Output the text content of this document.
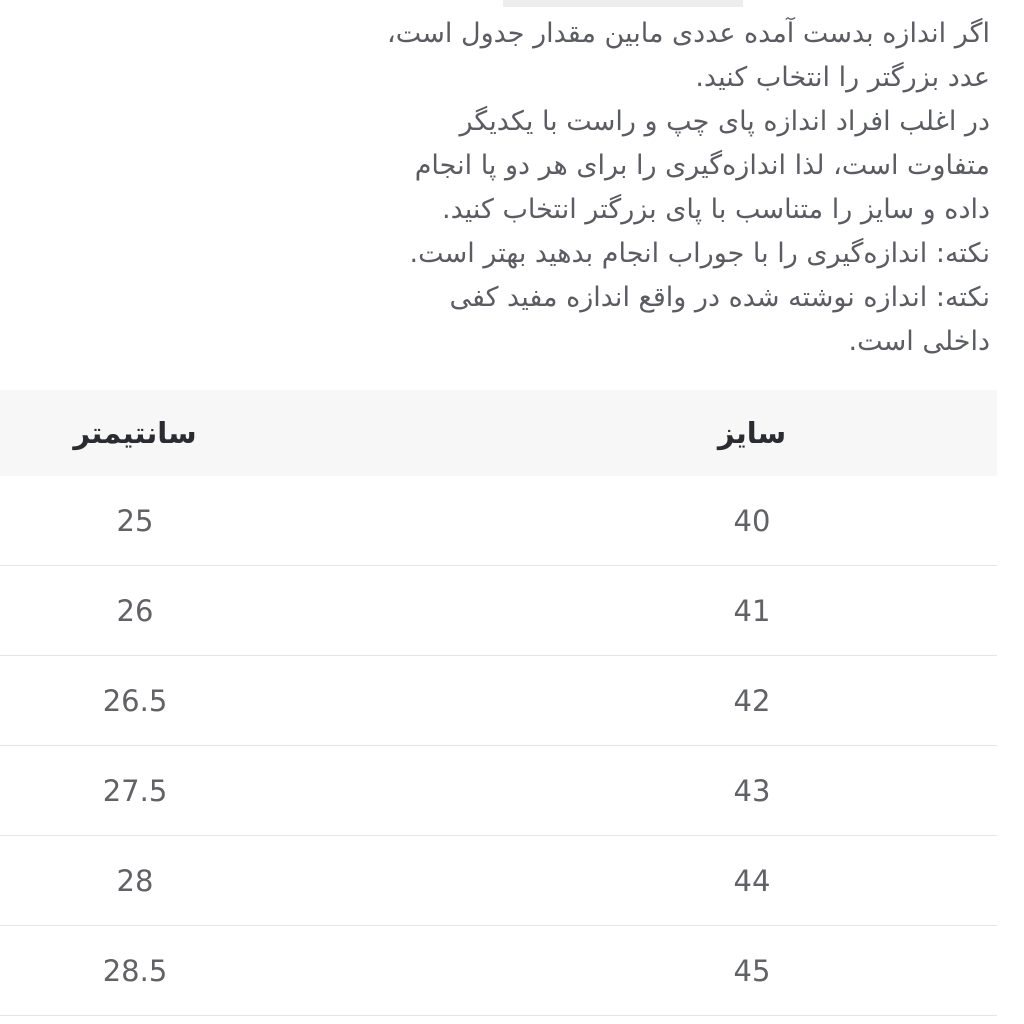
اگر اندازه بدست آمده عددی مابین مقدار جدول است،
عدد بزرگتر را انتخاب کنید.
در اغلب افراد اندازه پای چپ و راست با یکدیگر
متفاوت است، لذا اندازه‌گیری را برای هر دو پا انجام
داده و سایز را متناسب با پای بزرگتر انتخاب کنید.
نکته: اندازه‌گیری را با جوراب انجام بدهید بهتر است.
نکته: اندازه نوشته شده در واقع اندازه مفید کفی
داخلی است.
سانتیمتر	سایز
25	40
26	41
26.5	42
27.5	43
28	44
28.5	45
